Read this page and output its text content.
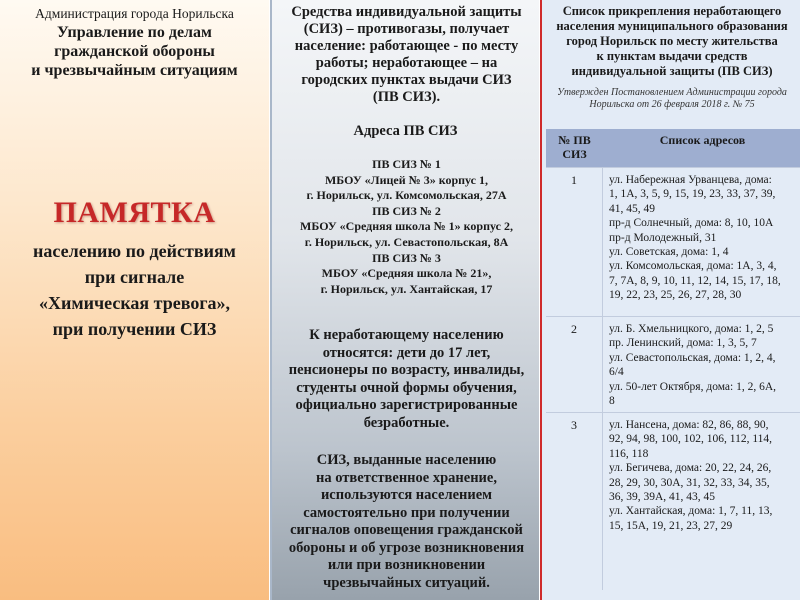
Администрация города Норильска
Управление по делам
гражданской обороны
и чрезвычайным ситуациям
ПАМЯТКА
населению по действиям
при сигнале
«Химическая тревога»,
при получении СИЗ
Средства индивидуальной защиты
(СИЗ) – противогазы, получает
население: работающее - по месту
работы; неработающее – на
городских пунктах выдачи СИЗ
(ПВ СИЗ).
Адреса ПВ СИЗ
ПВ СИЗ № 1
МБОУ «Лицей № 3» корпус 1,
г. Норильск, ул. Комсомольская, 27А
ПВ СИЗ № 2
МБОУ «Средняя школа № 1» корпус 2,
г. Норильск, ул. Севастопольская, 8А
ПВ СИЗ № 3
МБОУ «Средняя школа № 21»,
г. Норильск, ул. Хантайская, 17
К неработающему населению
относятся: дети до 17 лет,
пенсионеры по возрасту, инвалиды,
студенты очной формы обучения,
официально зарегистрированные
безработные.
СИЗ, выданные населению
на ответственное хранение,
используются населением
самостоятельно при получении
сигналов оповещения гражданской
обороны и об угрозе возникновения
или при возникновении
чрезвычайных ситуаций.
Список прикрепления неработающего
населения муниципального образования
город Норильск по месту жительства
к пунктам выдачи средств
индивидуальной защиты (ПВ СИЗ)
Утвержден Постановлением Администрации города
Норильска от 26 февраля 2018 г. № 75
№ ПВ
СИЗ
Список адресов
1	ул. Набережная Урванцева, дома:
1, 1А, 3, 5, 9, 15, 19, 23, 33, 37, 39,
41, 45, 49
пр-д Солнечный, дома: 8, 10, 10А
пр-д Молодежный, 31
ул. Советская, дома: 1, 4
ул. Комсомольская, дома: 1А, 3, 4,
7, 7А, 8, 9, 10, 11, 12, 14, 15, 17, 18,
19, 22, 23, 25, 26, 27, 28, 30
2	ул. Б. Хмельницкого, дома: 1, 2, 5
пр. Ленинский, дома: 1, 3, 5, 7
ул. Севастопольская, дома: 1, 2, 4,
6/4
ул. 50-лет Октября, дома: 1, 2, 6А,
8
3	ул. Нансена, дома: 82, 86, 88, 90,
92, 94, 98, 100, 102, 106, 112, 114,
116, 118
ул. Бегичева, дома: 20, 22, 24, 26,
28, 29, 30, 30А, 31, 32, 33, 34, 35,
36, 39, 39А, 41, 43, 45
ул. Хантайская, дома: 1, 7, 11, 13,
15, 15А, 19, 21, 23, 27, 29
